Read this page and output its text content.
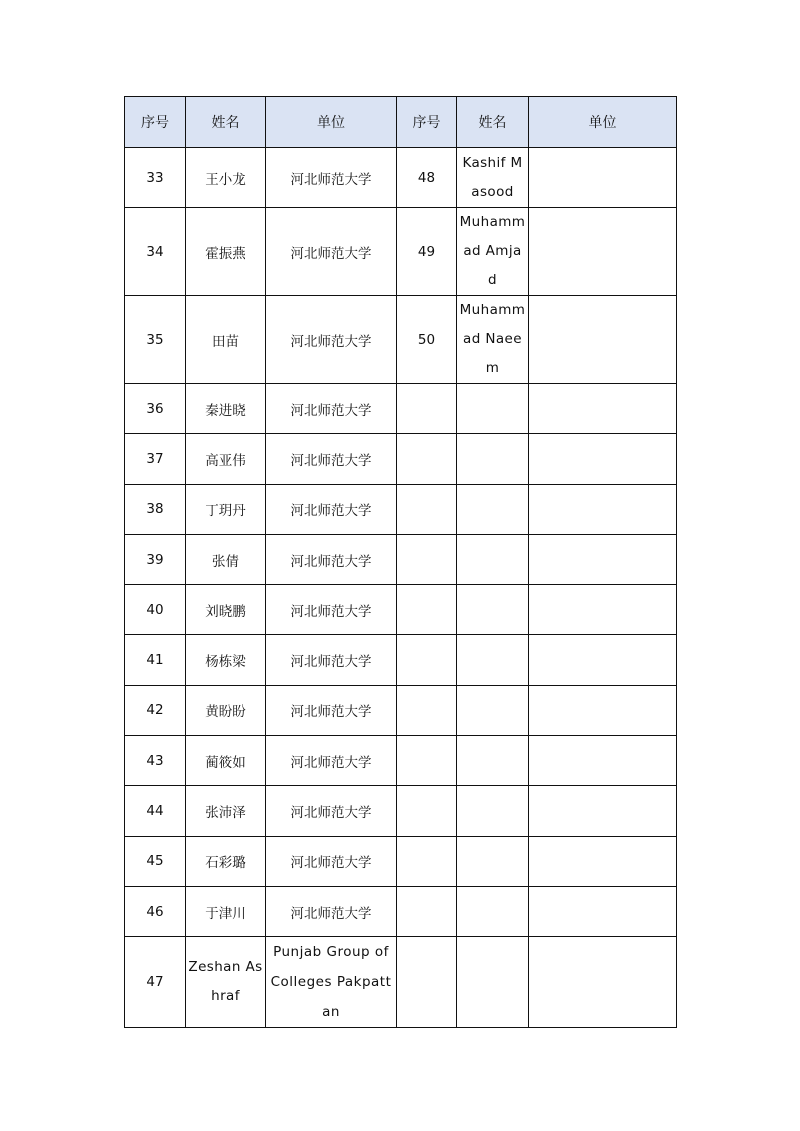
序号	姓名	单位	序号	姓名	单位
33	王小龙	河北师范大学	48	Kashif Masood	
34	霍振燕	河北师范大学	49	Muhammad Amjad	
35	田苗	河北师范大学	50	Muhammad Naeem	
36	秦进晓	河北师范大学			
37	高亚伟	河北师范大学			
38	丁玥丹	河北师范大学			
39	张倩	河北师范大学			
40	刘晓鹏	河北师范大学			
41	杨栋梁	河北师范大学			
42	黄盼盼	河北师范大学			
43	蔺筱如	河北师范大学			
44	张沛泽	河北师范大学			
45	石彩璐	河北师范大学			
46	于津川	河北师范大学			
47	Zeshan Ashraf	Punjab Group of Colleges Pakpattan			
